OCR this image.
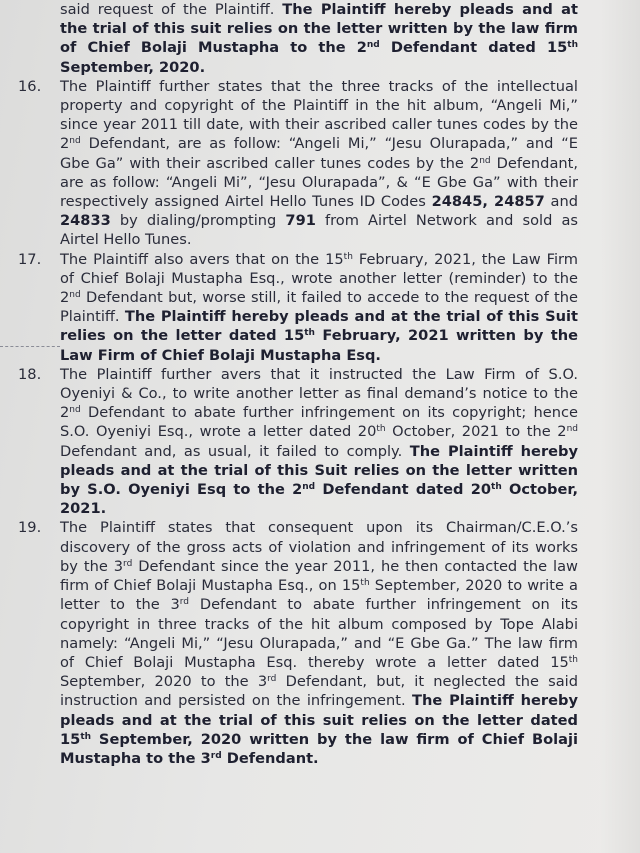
said request of the Plaintiff. The Plaintiff hereby pleads and at the trial of this suit relies on the letter written by the law firm of Chief Bolaji Mustapha to the 2nd Defendant dated 15th September, 2020.
16.	The Plaintiff further states that the three tracks of the intellectual property and copyright of the Plaintiff in the hit album, “Angeli Mi,” since year 2011 till date, with their ascribed caller tunes codes by the 2nd Defendant, are as follow: “Angeli Mi,” “Jesu Olurapada,” and “E Gbe Ga” with their ascribed caller tunes codes by the 2nd Defendant, are as follow: “Angeli Mi”, “Jesu Olurapada”, & “E Gbe Ga” with their respectively assigned Airtel Hello Tunes ID Codes 24845, 24857 and 24833 by dialing/prompting 791 from Airtel Network and sold as Airtel Hello Tunes.
17.	The Plaintiff also avers that on the 15th February, 2021, the Law Firm of Chief Bolaji Mustapha Esq., wrote another letter (reminder) to the 2nd Defendant but, worse still, it failed to accede to the request of the Plaintiff. The Plaintiff hereby pleads and at the trial of this Suit relies on the letter dated 15th February, 2021 written by the Law Firm of Chief Bolaji Mustapha Esq.
18.	The Plaintiff further avers that it instructed the Law Firm of S.O. Oyeniyi & Co., to write another letter as final demand’s notice to the 2nd Defendant to abate further infringement on its copyright; hence S.O. Oyeniyi Esq., wrote a letter dated 20th October, 2021 to the 2nd Defendant and, as usual, it failed to comply. The Plaintiff hereby pleads and at the trial of this Suit relies on the letter written by S.O. Oyeniyi Esq to the 2nd Defendant dated 20th October, 2021.
19.	The Plaintiff states that consequent upon its Chairman/C.E.O.’s discovery of the gross acts of violation and infringement of its works by the 3rd Defendant since the year 2011, he then contacted the law firm of Chief Bolaji Mustapha Esq., on 15th September, 2020 to write a letter to the 3rd Defendant to abate further infringement on its copyright in three tracks of the hit album composed by Tope Alabi namely: “Angeli Mi,” “Jesu Olurapada,” and “E Gbe Ga.” The law firm of Chief Bolaji Mustapha Esq. thereby wrote a letter dated 15th September, 2020 to the 3rd Defendant, but, it neglected the said instruction and persisted on the infringement. The Plaintiff hereby pleads and at the trial of this suit relies on the letter dated 15th September, 2020 written by the law firm of Chief Bolaji Mustapha to the 3rd Defendant.
